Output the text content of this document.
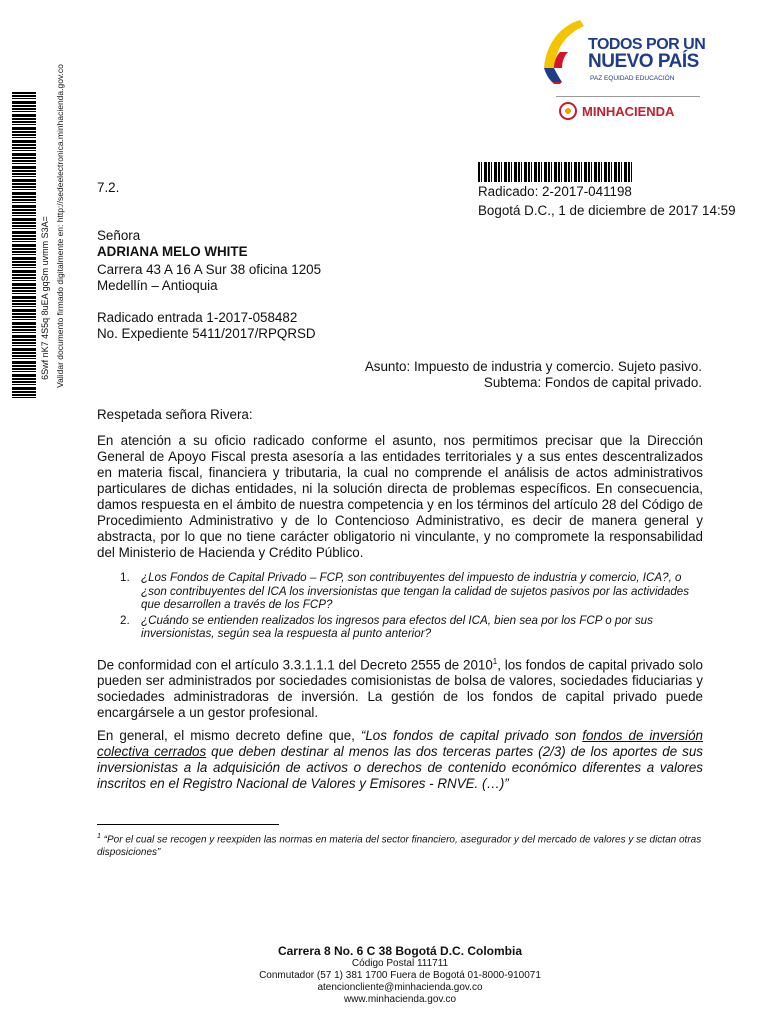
6Swf nK7 4S5q 8uEA gqSm uvmm S3A= Validar documento firmado digitalmente en: http://sedeelectronica.minhacienda.gov.co
TODOS POR UN
NUEVO PAÍS
PAZ EQUIDAD EDUCACIÓN
MINHACIENDA
7.2.	Radicado: 2-2017-041198
Bogotá D.C., 1 de diciembre de 2017 14:59
Señora
ADRIANA MELO WHITE
Carrera 43 A 16 A Sur 38 oficina 1205
Medellín – Antioquia
Radicado entrada 1-2017-058482
No. Expediente 5411/2017/RPQRSD
Asunto: Impuesto de industria y comercio. Sujeto pasivo.
Subtema: Fondos de capital privado.
Respetada señora Rivera:
En atención a su oficio radicado conforme el asunto, nos permitimos precisar que la Dirección General de Apoyo Fiscal presta asesoría a las entidades territoriales y a sus entes descentralizados en materia fiscal, financiera y tributaria, la cual no comprende el análisis de actos administrativos particulares de dichas entidades, ni la solución directa de problemas específicos. En consecuencia, damos respuesta en el ámbito de nuestra competencia y en los términos del artículo 28 del Código de Procedimiento Administrativo y de lo Contencioso Administrativo, es decir de manera general y abstracta, por lo que no tiene carácter obligatorio ni vinculante, y no compromete la responsabilidad del Ministerio de Hacienda y Crédito Público.
1. ¿Los Fondos de Capital Privado – FCP, son contribuyentes del impuesto de industria y comercio, ICA?, o ¿son contribuyentes del ICA los inversionistas que tengan la calidad de sujetos pasivos por las actividades que desarrollen a través de los FCP?
2. ¿Cuándo se entienden realizados los ingresos para efectos del ICA, bien sea por los FCP o por sus inversionistas, según sea la respuesta al punto anterior?
De conformidad con el artículo 3.3.1.1.1 del Decreto 2555 de 2010$^1$, los fondos de capital privado solo pueden ser administrados por sociedades comisionistas de bolsa de valores, sociedades fiduciarias y sociedades administradoras de inversión. La gestión de los fondos de capital privado puede encargársele a un gestor profesional.
En general, el mismo decreto define que, “Los fondos de capital privado son fondos de inversión colectiva cerrados que deben destinar al menos las dos terceras partes (2/3) de los aportes de sus inversionistas a la adquisición de activos o derechos de contenido económico diferentes a valores inscritos en el Registro Nacional de Valores y Emisores - RNVE. (…)”
$^1$ “Por el cual se recogen y reexpiden las normas en materia del sector financiero, asegurador y del mercado de valores y se dictan otras disposiciones”
Carrera 8 No. 6 C 38 Bogotá D.C. Colombia
Código Postal 111711
Conmutador (57 1) 381 1700 Fuera de Bogotá 01-8000-910071
atencioncliente@minhacienda.gov.co
www.minhacienda.gov.co
